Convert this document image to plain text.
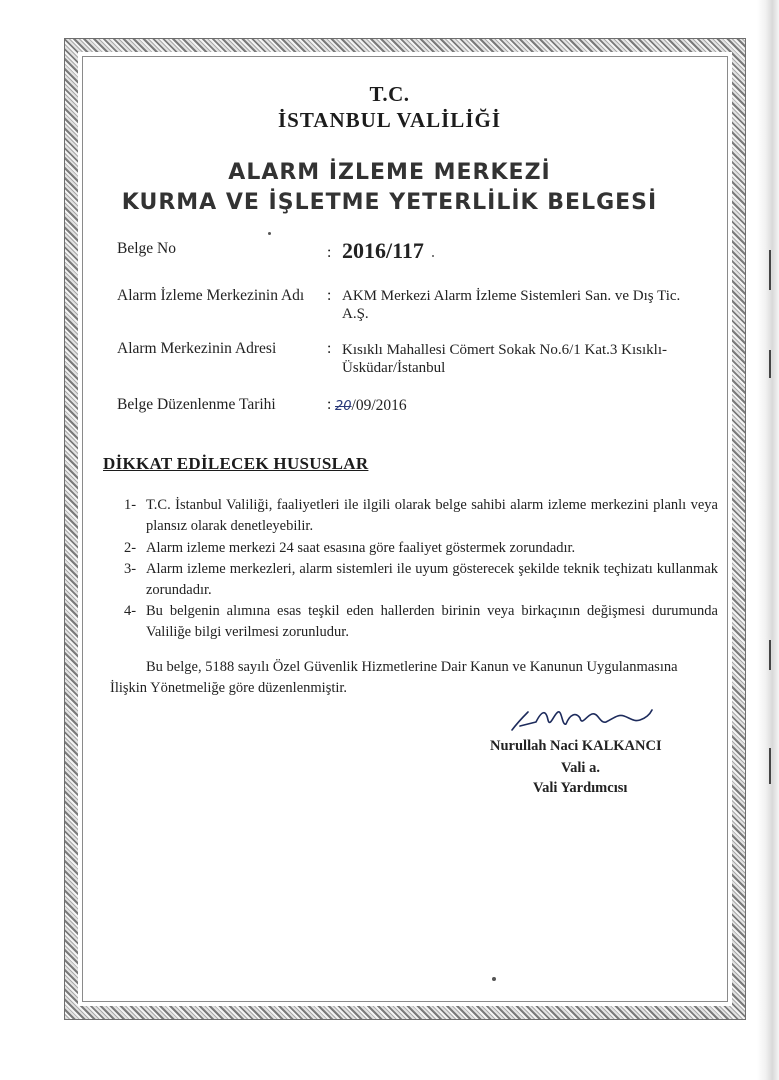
T.C.
İSTANBUL VALİLİĞİ
ALARM İZLEME MERKEZİ
KURMA VE İŞLETME YETERLİLİK BELGESİ
Belge No	: 2016/117
Alarm İzleme Merkezinin Adı : AKM Merkezi Alarm İzleme Sistemleri San. ve Dış Tic.
A.Ş.
Alarm Merkezinin Adresi	: Kısıklı Mahallesi Cömert Sokak No.6/1 Kat.3 Kısıklı-
Üsküdar/İstanbul
Belge Düzenlenme Tarihi	: 20/09/2016
DİKKAT EDİLECEK HUSUSLAR
1- T.C. İstanbul Valiliği, faaliyetleri ile ilgili olarak belge sahibi alarm izleme merkezini planlı veya plansız olarak denetleyebilir.
2- Alarm izleme merkezi 24 saat esasına göre faaliyet göstermek zorundadır.
3- Alarm izleme merkezleri, alarm sistemleri ile uyum gösterecek şekilde teknik teçhizatı kullanmak zorundadır.
4- Bu belgenin alımına esas teşkil eden hallerden birinin veya birkaçının değişmesi durumunda Valiliğe bilgi verilmesi zorunludur.
Bu belge, 5188 sayılı Özel Güvenlik Hizmetlerine Dair Kanun ve Kanunun Uygulanmasına İlişkin Yönetmeliğe göre düzenlenmiştir.
Nurullah Naci KALKANCI
Vali a.
Vali Yardımcısı
